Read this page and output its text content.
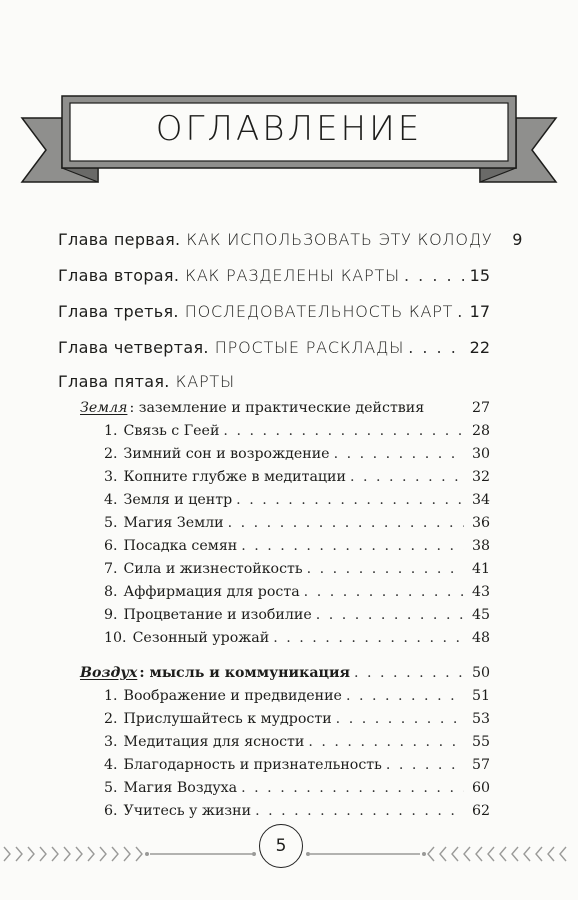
ОГЛАВЛЕНИЕ
Глава первая. КАК ИСПОЛЬЗОВАТЬ ЭТУ КОЛОДУ	9
Глава вторая. КАК РАЗДЕЛЕНЫ КАРТЫ . . .	15
Глава третья. ПОСЛЕДОВАТЕЛЬНОСТЬ КАРТ . . . 17
Глава четвертая. ПРОСТЫЕ РАСКЛАДЫ . . .	22
Глава пятая. КАРТЫ
Земля : заземление и практические действия	27
1. Связь с Геей . . .	28
2. Зимний сон и возрождение . . .	30
3. Копните глубже в медитации . . .	32
4. Земля и центр . . .	34
5. Магия Земли . . .	36
6. Посадка семян . . .	38
7. Сила и жизнестойкость . . .	41
8. Аффирмация для роста . . .	43
9. Процветание и изобилие . . .	45
10. Сезонный урожай . . .	48
Воздух : мысль и коммуникация . . .	50
1. Воображение и предвидение . . .	51
2. Прислушайтесь к мудрости . . .	53
3. Медитация для ясности . . .	55
4. Благодарность и признательность . . .	57
5. Магия Воздуха . . .	60
6. Учитесь у жизни . . .	62
5
